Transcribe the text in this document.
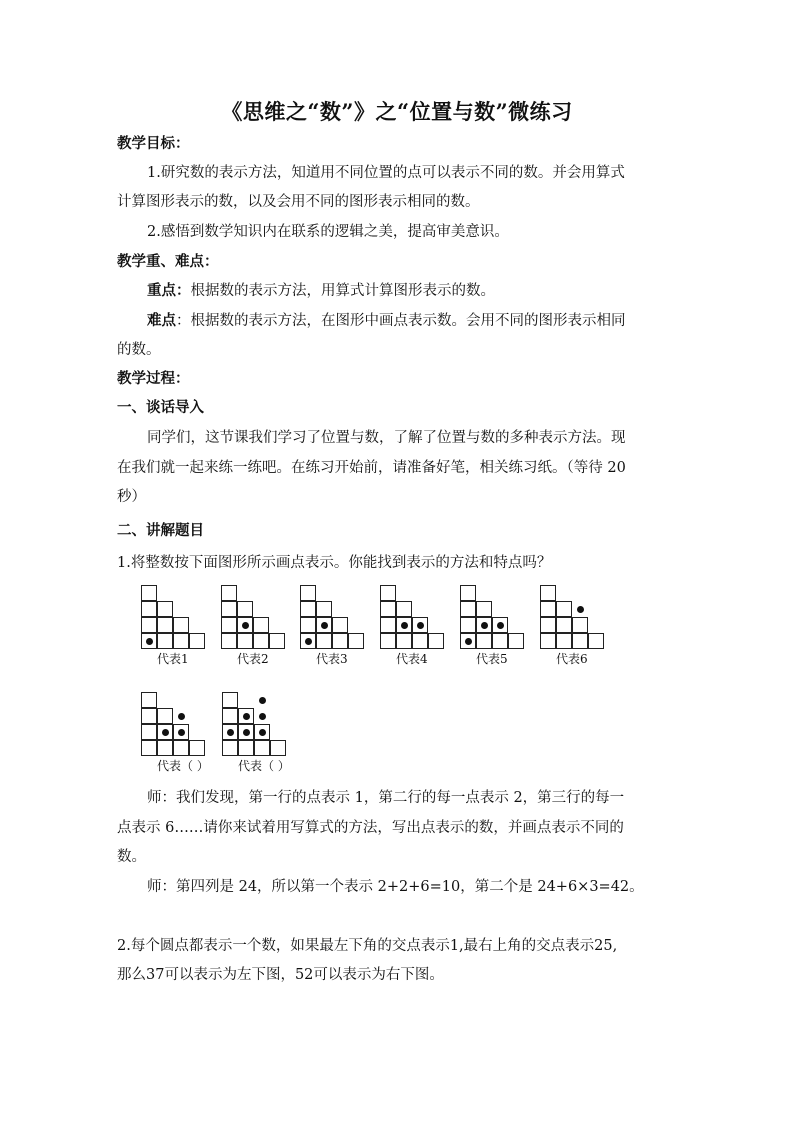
《思维之“数”》之“位置与数”微练习
教学目标：
1.研究数的表示方法，知道用不同位置的点可以表示不同的数。并会用算式
计算图形表示的数，以及会用不同的图形表示相同的数。
2.感悟到数学知识内在联系的逻辑之美，提高审美意识。
教学重、难点：
重点：根据数的表示方法，用算式计算图形表示的数。
难点：根据数的表示方法，在图形中画点表示数。会用不同的图形表示相同
的数。
教学过程：
一、谈话导入
同学们，这节课我们学习了位置与数，了解了位置与数的多种表示方法。现
在我们就一起来练一练吧。在练习开始前，请准备好笔，相关练习纸。（等待 20
秒）
二、讲解题目
1.将整数按下面图形所示画点表示。你能找到表示的方法和特点吗？
代表1	代表2	代表3	代表4	代表5	代表6
代表（ ） 代表（ ）
师：我们发现，第一行的点表示 1，第二行的每一点表示 2，第三行的每一
点表示 6……请你来试着用写算式的方法，写出点表示的数，并画点表示不同的
数。
师：第四列是 24，所以第一个表示 2+2+6=10，第二个是 24+6×3=42。
2.每个圆点都表示一个数，如果最左下角的交点表示1,最右上角的交点表示25,
那么37可以表示为左下图，52可以表示为右下图。
